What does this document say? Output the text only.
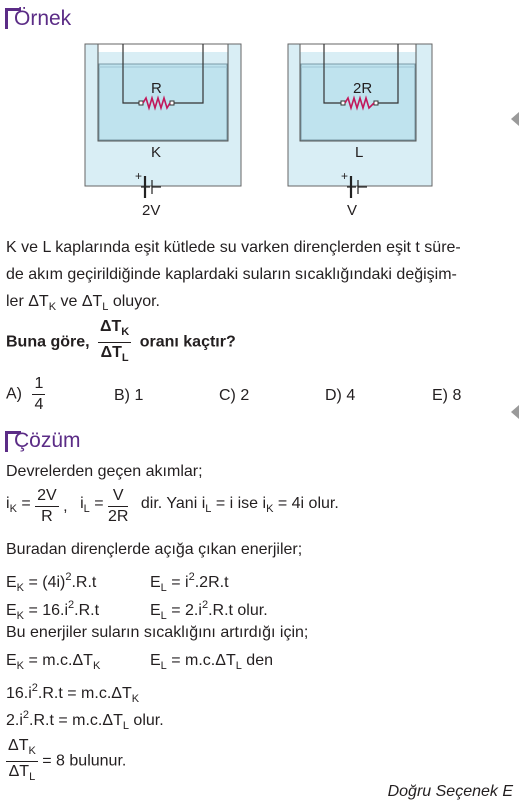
Örnek
R	2R
K	L
+	+
2V	V
K ve L kaplarında eşit kütlede su varken dirençlerden eşit t süre-
de akım geçirildiğinde kaplardaki suların sıcaklığındaki değişim-
ler $\Delta T_K$ ve $\Delta T_L$ oluyor.
Buna göre, $\frac{\Delta T_K}{\Delta T_L}$ oranı kaçtır?
$A) \frac{1}{4}$	B) 1	C) 2	D) 4	E) 8
Çözüm
Devrelerden geçen akımlar;
$i_K = \frac{2V}{R}$ , $i_L = \frac{V}{2R}$ dir. Yani $i_L = i$ ise $i_K = 4i$ olur.
Buradan dirençlerde açığa çıkan enerjiler;
$E_K = (4i)^2.R.t$	$E_L = i^2.2R.t$
$E_K = 16.i^2.R.t$	$E_L = 2.i^2.R.t$ olur.
Bu enerjiler suların sıcaklığını artırdığı için;
$E_K = m.c.\Delta T_K$	$E_L = m.c.\Delta T_L$ den
$16.i^2.R.t = m.c.\Delta T_K$
$2.i^2.R.t = m.c.\Delta T_L$ olur.
$\frac{\Delta T_K}{\Delta T_L} = 8$ bulunur.
Doğru Seçenek E
